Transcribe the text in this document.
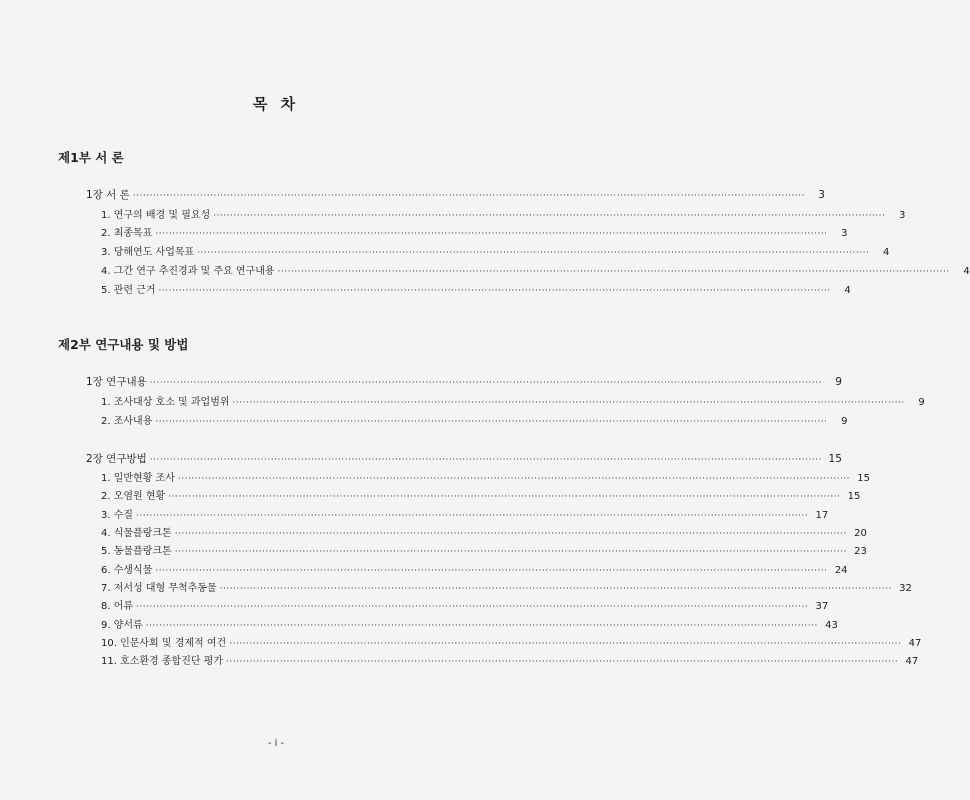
목 차
제1부 서 론
1장 서 론 ········································································································································································································	3
1. 연구의 배경 및 필요성 ········································································································································································································	3
2. 최종목표 ········································································································································································································	3
3. 당해연도 사업목표 ········································································································································································································	4
4. 그간 연구 추진경과 및 주요 연구내용 ········································································································································································································	4
5. 관련 근거 ········································································································································································································	4
제2부 연구내용 및 방법
1장 연구내용 ········································································································································································································	9
1. 조사대상 호소 및 과업범위 ········································································································································································································	9
2. 조사내용 ········································································································································································································	9
2장 연구방법 ········································································································································································································ 15
1. 일반현황 조사 ········································································································································································································ 15
2. 오염원 현황 ········································································································································································································ 15
3. 수질 ········································································································································································································ 17
4. 식물플랑크톤 ········································································································································································································ 20
5. 동물플랑크톤 ········································································································································································································ 23
6. 수생식물 ········································································································································································································ 24
7. 저서성 대형 무척추동물 ········································································································································································································ 32
8. 어류 ········································································································································································································ 37
9. 양서류 ········································································································································································································ 43
10. 인문사회 및 경제적 여건 ········································································································································································································ 47
11. 호소환경 종합진단 평가 ········································································································································································································ 47
- i -
